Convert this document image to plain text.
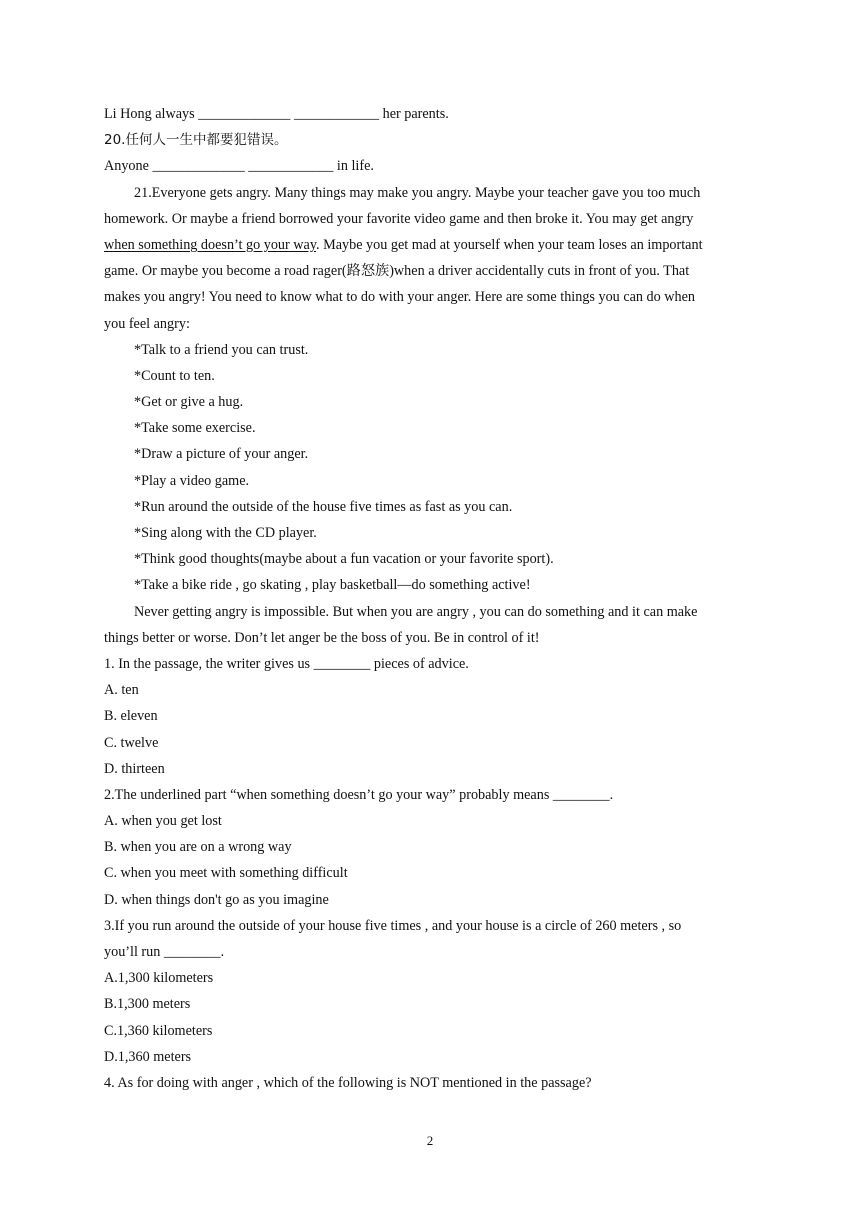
Li Hong always _____________ ____________ her parents.
20.任何人一生中都要犯错误。
Anyone _____________ ____________ in life.
21.Everyone gets angry. Many things may make you angry. Maybe your teacher gave you too much
homework. Or maybe a friend borrowed your favorite video game and then broke it. You may get angry
when something doesn’t go your way. Maybe you get mad at yourself when your team loses an important
game. Or maybe you become a road rager(路怒族)when a driver accidentally cuts in front of you. That
makes you angry! You need to know what to do with your anger. Here are some things you can do when
you feel angry:
*Talk to a friend you can trust.
*Count to ten.
*Get or give a hug.
*Take some exercise.
*Draw a picture of your anger.
*Play a video game.
*Run around the outside of the house five times as fast as you can.
*Sing along with the CD player.
*Think good thoughts(maybe about a fun vacation or your favorite sport).
*Take a bike ride , go skating , play basketball—do something active!
Never getting angry is impossible. But when you are angry , you can do something and it can make
things better or worse. Don’t let anger be the boss of you. Be in control of it!
1. In the passage, the writer gives us ________ pieces of advice.
A. ten
B. eleven
C. twelve
D. thirteen
2.The underlined part “when something doesn’t go your way” probably means ________.
A. when you get lost
B. when you are on a wrong way
C. when you meet with something difficult
D. when things don't go as you imagine
3.If you run around the outside of your house five times , and your house is a circle of 260 meters , so
you’ll run ________.
A.1,300 kilometers
B.1,300 meters
C.1,360 kilometers
D.1,360 meters
4. As for doing with anger , which of the following is NOT mentioned in the passage?
2
